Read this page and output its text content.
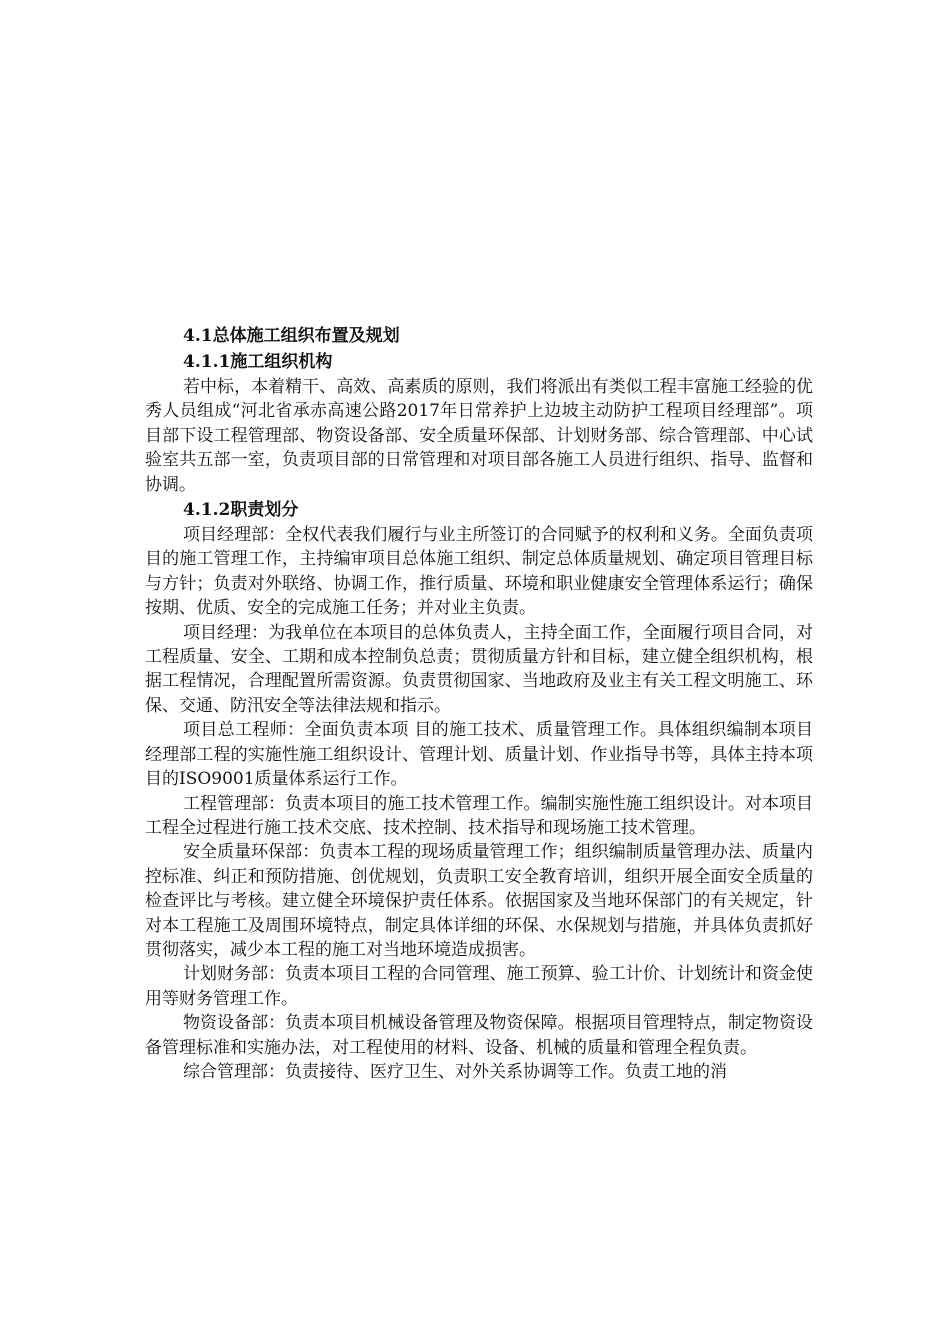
4.1总体施工组织布置及规划
4.1.1施工组织机构

若中标，本着精干、高效、高素质的原则，我们将派出有类似工程丰富施工经验的优秀人员组成“河北省承赤高速公路2017年日常养护上边坡主动防护工程项目经理部”。项目部下设工程管理部、物资设备部、安全质量环保部、计划财务部、综合管理部、中心试验室共五部一室，负责项目部的日常管理和对项目部各施工人员进行组织、指导、监督和协调。

4.1.2职责划分

项目经理部：全权代表我们履行与业主所签订的合同赋予的权利和义务。全面负责项目的施工管理工作，主持编审项目总体施工组织、制定总体质量规划、确定项目管理目标与方针；负责对外联络、协调工作，推行质量、环境和职业健康安全管理体系运行；确保按期、优质、安全的完成施工任务；并对业主负责。

项目经理：为我单位在本项目的总体负责人，主持全面工作，全面履行项目合同，对工程质量、安全、工期和成本控制负总责；贯彻质量方针和目标，建立健全组织机构，根据工程情况，合理配置所需资源。负责贯彻国家、当地政府及业主有关工程文明施工、环保、交通、防汛安全等法律法规和指示。

项目总工程师：全面负责本项 目的施工技术、质量管理工作。具体组织编制本项目经理部工程的实施性施工组织设计、管理计划、质量计划、作业指导书等，具体主持本项目的ISO9001质量体系运行工作。

工程管理部：负责本项目的施工技术管理工作。编制实施性施工组织设计。对本项目工程全过程进行施工技术交底、技术控制、技术指导和现场施工技术管理。

安全质量环保部：负责本工程的现场质量管理工作；组织编制质量管理办法、质量内控标准、纠正和预防措施、创优规划，负责职工安全教育培训，组织开展全面安全质量的检查评比与考核。建立健全环境保护责任体系。依据国家及当地环保部门的有关规定，针对本工程施工及周围环境特点，制定具体详细的环保、水保规划与措施，并具体负责抓好贯彻落实，减少本工程的施工对当地环境造成损害。

计划财务部：负责本项目工程的合同管理、施工预算、验工计价、计划统计和资金使用等财务管理工作。

物资设备部：负责本项目机械设备管理及物资保障。根据项目管理特点，制定物资设备管理标准和实施办法，对工程使用的材料、设备、机械的质量和管理全程负责。

综合管理部：负责接待、医疗卫生、对外关系协调等工作。负责工地的消
